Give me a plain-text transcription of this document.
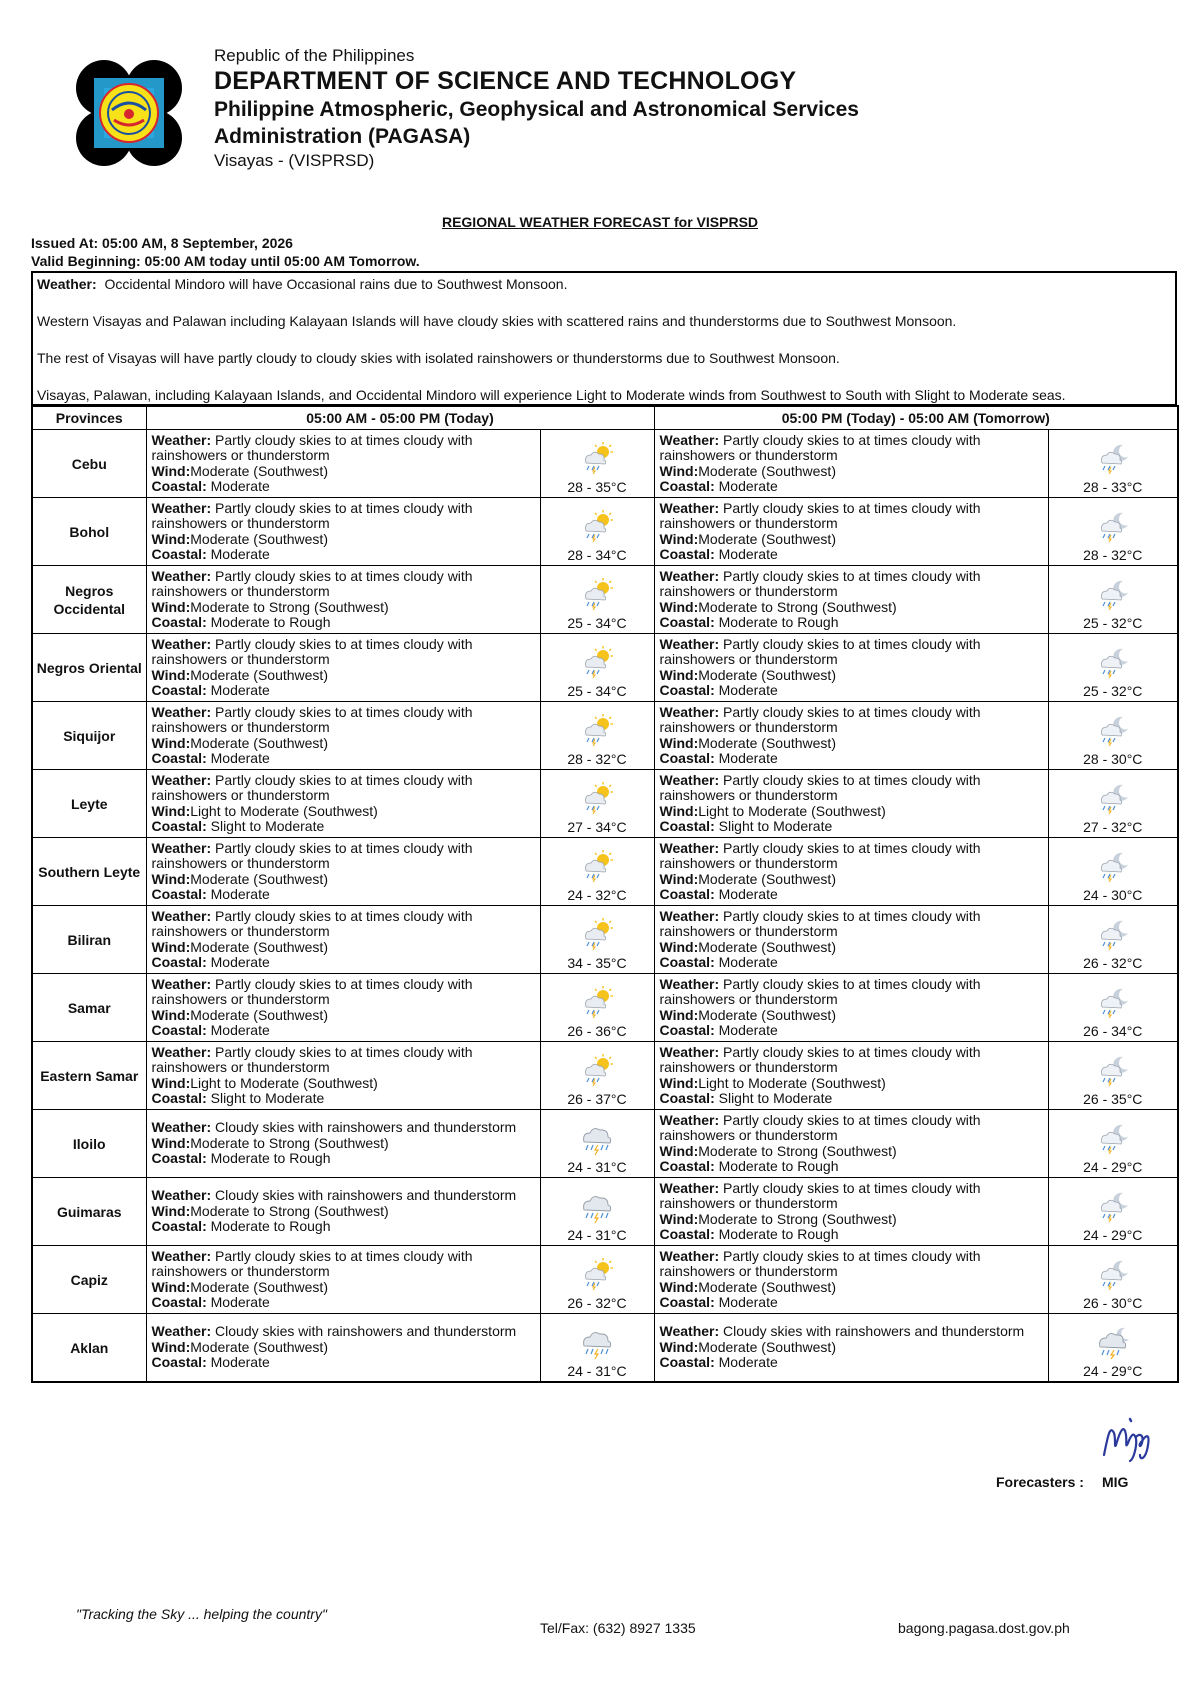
Republic of the Philippines
DEPARTMENT OF SCIENCE AND TECHNOLOGY
Philippine Atmospheric, Geophysical and Astronomical Services
Administration (PAGASA)
Visayas - (VISPRSD)
REGIONAL WEATHER FORECAST for VISPRSD
Issued At: 05:00 AM, 8 September, 2026
Valid Beginning: 05:00 AM today until 05:00 AM Tomorrow.

Weather: Occidental Mindoro will have Occasional rains due to Southwest Monsoon.

Western Visayas and Palawan including Kalayaan Islands will have cloudy skies with scattered rains and thunderstorms due to Southwest Monsoon.

The rest of Visayas will have partly cloudy to cloudy skies with isolated rainshowers or thunderstorms due to Southwest Monsoon.

Visayas, Palawan, including Kalayaan Islands, and Occidental Mindoro will experience Light to Moderate winds from Southwest to South with Slight to Moderate seas.

Provinces	05:00 AM - 05:00 PM (Today)		05:00 PM (Today) - 05:00 AM (Tomorrow)	
Cebu	Weather: Partly cloudy skies to at times cloudy with rainshowers or thunderstorm
Wind:Moderate (Southwest)
Coastal: Moderate	28 - 35°C	Weather: Partly cloudy skies to at times cloudy with rainshowers or thunderstorm
Wind:Moderate (Southwest)
Coastal: Moderate	28 - 33°C

Bohol	Weather: Partly cloudy skies to at times cloudy with rainshowers or thunderstorm
Wind:Moderate (Southwest)
Coastal: Moderate	28 - 34°C	Weather: Partly cloudy skies to at times cloudy with rainshowers or thunderstorm
Wind:Moderate (Southwest)
Coastal: Moderate	28 - 32°C

Negros Occidental	Weather: Partly cloudy skies to at times cloudy with rainshowers or thunderstorm
Wind:Moderate to Strong (Southwest)
Coastal: Moderate to Rough	25 - 34°C	Weather: Partly cloudy skies to at times cloudy with rainshowers or thunderstorm
Wind:Moderate to Strong (Southwest)
Coastal: Moderate to Rough	25 - 32°C

Negros Oriental	Weather: Partly cloudy skies to at times cloudy with rainshowers or thunderstorm
Wind:Moderate (Southwest)
Coastal: Moderate	25 - 34°C	Weather: Partly cloudy skies to at times cloudy with rainshowers or thunderstorm
Wind:Moderate (Southwest)
Coastal: Moderate	25 - 32°C

Siquijor	Weather: Partly cloudy skies to at times cloudy with rainshowers or thunderstorm
Wind:Moderate (Southwest)
Coastal: Moderate	28 - 32°C	Weather: Partly cloudy skies to at times cloudy with rainshowers or thunderstorm
Wind:Moderate (Southwest)
Coastal: Moderate	28 - 30°C

Leyte	Weather: Partly cloudy skies to at times cloudy with rainshowers or thunderstorm
Wind:Light to Moderate (Southwest)
Coastal: Slight to Moderate	27 - 34°C	Weather: Partly cloudy skies to at times cloudy with rainshowers or thunderstorm
Wind:Light to Moderate (Southwest)
Coastal: Slight to Moderate	27 - 32°C

Southern Leyte	Weather: Partly cloudy skies to at times cloudy with rainshowers or thunderstorm
Wind:Moderate (Southwest)
Coastal: Moderate	24 - 32°C	Weather: Partly cloudy skies to at times cloudy with rainshowers or thunderstorm
Wind:Moderate (Southwest)
Coastal: Moderate	24 - 30°C

Biliran	Weather: Partly cloudy skies to at times cloudy with rainshowers or thunderstorm
Wind:Moderate (Southwest)
Coastal: Moderate	34 - 35°C	Weather: Partly cloudy skies to at times cloudy with rainshowers or thunderstorm
Wind:Moderate (Southwest)
Coastal: Moderate	26 - 32°C

Samar	Weather: Partly cloudy skies to at times cloudy with rainshowers or thunderstorm
Wind:Moderate (Southwest)
Coastal: Moderate	26 - 36°C	Weather: Partly cloudy skies to at times cloudy with rainshowers or thunderstorm
Wind:Moderate (Southwest)
Coastal: Moderate	26 - 34°C

Eastern Samar	Weather: Partly cloudy skies to at times cloudy with rainshowers or thunderstorm
Wind:Light to Moderate (Southwest)
Coastal: Slight to Moderate	26 - 37°C	Weather: Partly cloudy skies to at times cloudy with rainshowers or thunderstorm
Wind:Light to Moderate (Southwest)
Coastal: Slight to Moderate	26 - 35°C

Iloilo	Weather: Cloudy skies with rainshowers and thunderstorm
Wind:Moderate to Strong (Southwest)
Coastal: Moderate to Rough	24 - 31°C	Weather: Partly cloudy skies to at times cloudy with rainshowers or thunderstorm
Wind:Moderate to Strong (Southwest)
Coastal: Moderate to Rough	24 - 29°C

Guimaras	Weather: Cloudy skies with rainshowers and thunderstorm
Wind:Moderate to Strong (Southwest)
Coastal: Moderate to Rough	24 - 31°C	Weather: Partly cloudy skies to at times cloudy with rainshowers or thunderstorm
Wind:Moderate to Strong (Southwest)
Coastal: Moderate to Rough	24 - 29°C

Capiz	Weather: Partly cloudy skies to at times cloudy with rainshowers or thunderstorm
Wind:Moderate (Southwest)
Coastal: Moderate	26 - 32°C	Weather: Partly cloudy skies to at times cloudy with rainshowers or thunderstorm
Wind:Moderate (Southwest)
Coastal: Moderate	26 - 30°C

Aklan	Weather: Cloudy skies with rainshowers and thunderstorm
Wind:Moderate (Southwest)
Coastal: Moderate	24 - 31°C	Weather: Cloudy skies with rainshowers and thunderstorm
Wind:Moderate (Southwest)
Coastal: Moderate	24 - 29°C
Forecasters : MIG
"Tracking the Sky ... helping the country"
Tel/Fax: (632) 8927 1335	bagong.pagasa.dost.gov.ph
